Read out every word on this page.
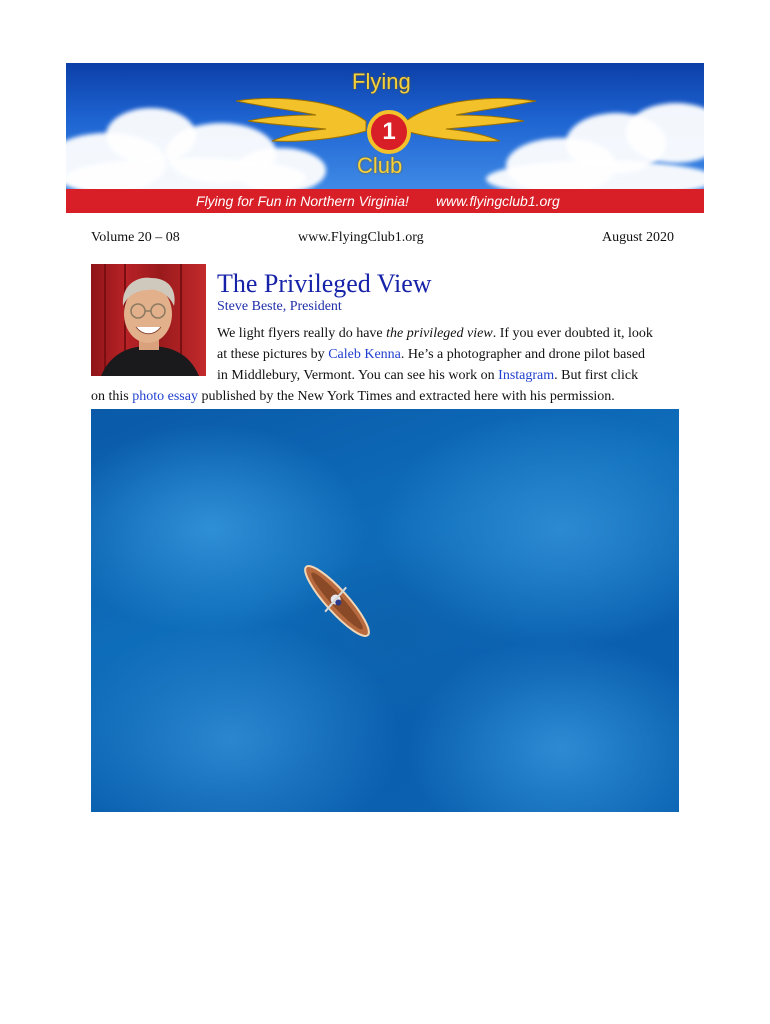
Flying
1
Club
Flying for Fun in Northern Virginia! www.flyingclub1.org
Volume 20 – 08	www.FlyingClub1.org	August 2020
The Privileged View
Steve Beste, President

We light flyers really do have the privileged view. If you ever doubted it, look

at these pictures by Caleb Kenna. He’s a photographer and drone pilot based

in Middlebury, Vermont. You can see his work on Instagram. But first click

on this photo essay published by the New York Times and extracted here with his permission.
